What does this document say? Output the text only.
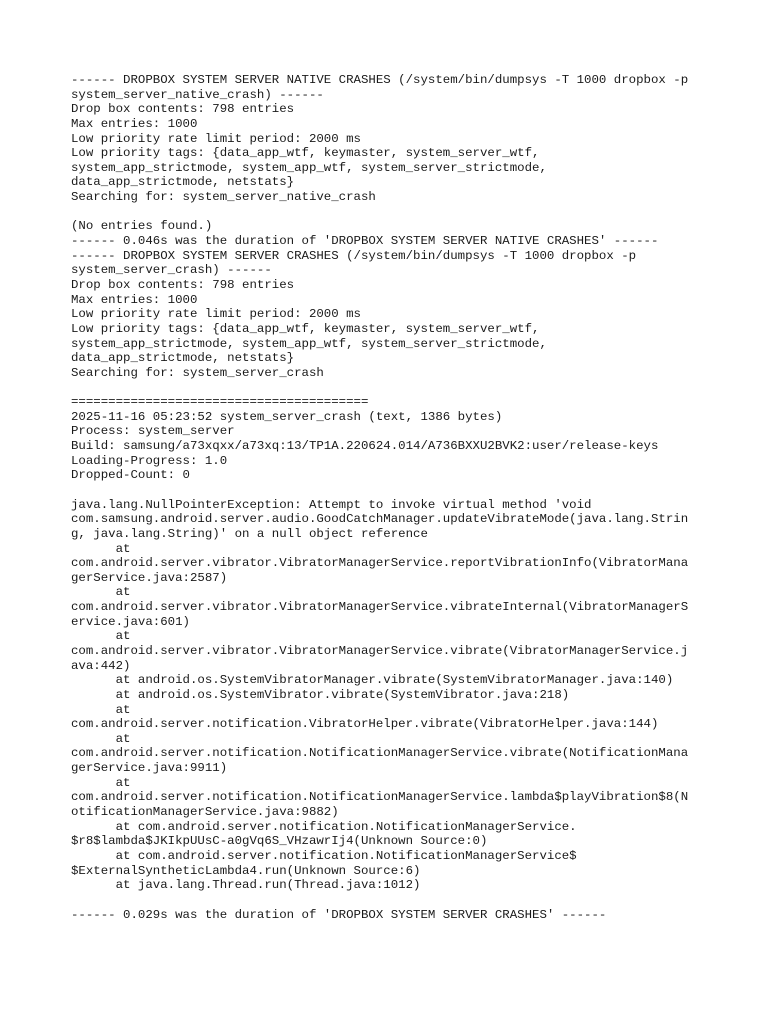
------ DROPBOX SYSTEM SERVER NATIVE CRASHES (/system/bin/dumpsys -T 1000 dropbox -p
system_server_native_crash) ------
Drop box contents: 798 entries
Max entries: 1000
Low priority rate limit period: 2000 ms
Low priority tags: {data_app_wtf, keymaster, system_server_wtf,
system_app_strictmode, system_app_wtf, system_server_strictmode,
data_app_strictmode, netstats}
Searching for: system_server_native_crash

(No entries found.)
------ 0.046s was the duration of 'DROPBOX SYSTEM SERVER NATIVE CRASHES' ------
------ DROPBOX SYSTEM SERVER CRASHES (/system/bin/dumpsys -T 1000 dropbox -p
system_server_crash) ------
Drop box contents: 798 entries
Max entries: 1000
Low priority rate limit period: 2000 ms
Low priority tags: {data_app_wtf, keymaster, system_server_wtf,
system_app_strictmode, system_app_wtf, system_server_strictmode,
data_app_strictmode, netstats}
Searching for: system_server_crash

========================================
2025-11-16 05:23:52 system_server_crash (text, 1386 bytes)
Process: system_server
Build: samsung/a73xqxx/a73xq:13/TP1A.220624.014/A736BXXU2BVK2:user/release-keys
Loading-Progress: 1.0
Dropped-Count: 0

java.lang.NullPointerException: Attempt to invoke virtual method 'void
com.samsung.android.server.audio.GoodCatchManager.updateVibrateMode(java.lang.Strin
g, java.lang.String)' on a null object reference
at
com.android.server.vibrator.VibratorManagerService.reportVibrationInfo(VibratorMana
gerService.java:2587)
at
com.android.server.vibrator.VibratorManagerService.vibrateInternal(VibratorManagerS
ervice.java:601)
at
com.android.server.vibrator.VibratorManagerService.vibrate(VibratorManagerService.j
ava:442)
at android.os.SystemVibratorManager.vibrate(SystemVibratorManager.java:140)
at android.os.SystemVibrator.vibrate(SystemVibrator.java:218)
at
com.android.server.notification.VibratorHelper.vibrate(VibratorHelper.java:144)
at
com.android.server.notification.NotificationManagerService.vibrate(NotificationMana
gerService.java:9911)
at
com.android.server.notification.NotificationManagerService.lambda$playVibration$8(N
otificationManagerService.java:9882)
at com.android.server.notification.NotificationManagerService.
$r8$lambda$JKIkpUUsC-a0gVq6S_VHzawrIj4(Unknown Source:0)
at com.android.server.notification.NotificationManagerService$
$ExternalSyntheticLambda4.run(Unknown Source:6)
at java.lang.Thread.run(Thread.java:1012)

------ 0.029s was the duration of 'DROPBOX SYSTEM SERVER CRASHES' ------
